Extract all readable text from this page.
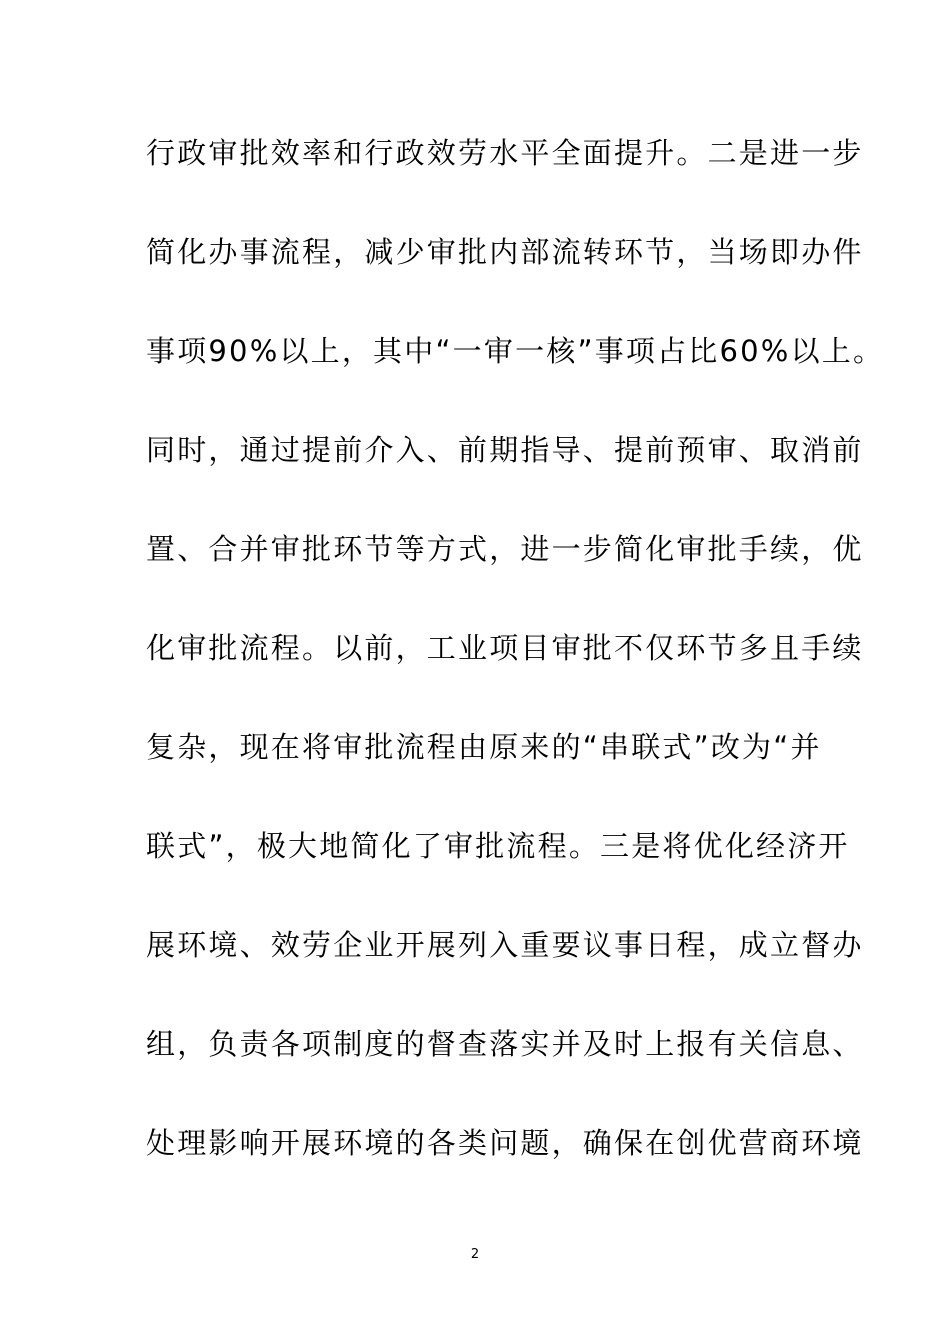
行政审批效率和行政效劳水平全面提升。二是进一步
简化办事流程，减少审批内部流转环节，当场即办件
事项90%以上，其中“一审一核”事项占比60%以上。
同时，通过提前介入、前期指导、提前预审、取消前
置、合并审批环节等方式，进一步简化审批手续，优
化审批流程。以前，工业项目审批不仅环节多且手续
复杂，现在将审批流程由原来的“串联式”改为“并
联式”，极大地简化了审批流程。三是将优化经济开
展环境、效劳企业开展列入重要议事日程，成立督办
组，负责各项制度的督查落实并及时上报有关信息、
处理影响开展环境的各类问题，确保在创优营商环境
2
